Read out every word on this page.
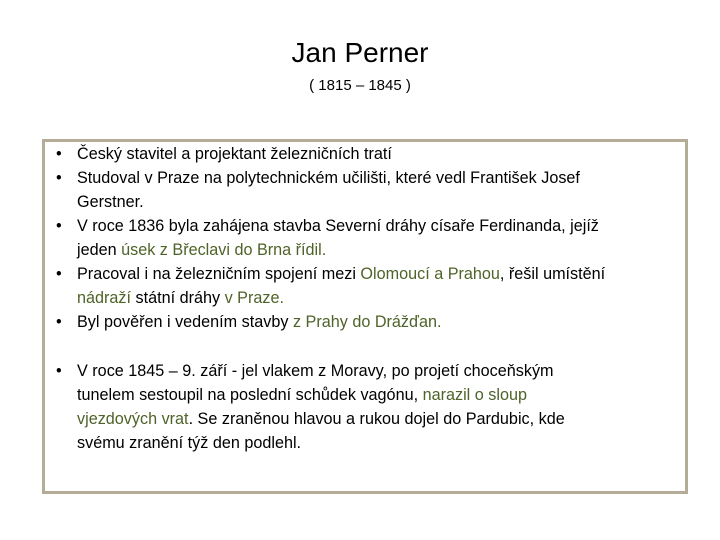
Jan Perner
( 1815 – 1845 )
• Český stavitel a projektant železničních tratí
• Studoval v Praze na polytechnickém učilišti, které vedl František Josef
Gerstner.
• V roce 1836 byla zahájena stavba Severní dráhy císaře Ferdinanda, jejíž
jeden úsek z Břeclavi do Brna řídil.
• Pracoval i na železničním spojení mezi Olomoucí a Prahou, řešil umístění
nádraží státní dráhy v Praze.
• Byl pověřen i vedením stavby z Prahy do Drážďan.
• V roce 1845 – 9. září - jel vlakem z Moravy, po projetí choceňským
tunelem sestoupil na poslední schůdek vagónu, narazil o sloup
vjezdových vrat. Se zraněnou hlavou a rukou dojel do Pardubic, kde
svému zranění týž den podlehl.
